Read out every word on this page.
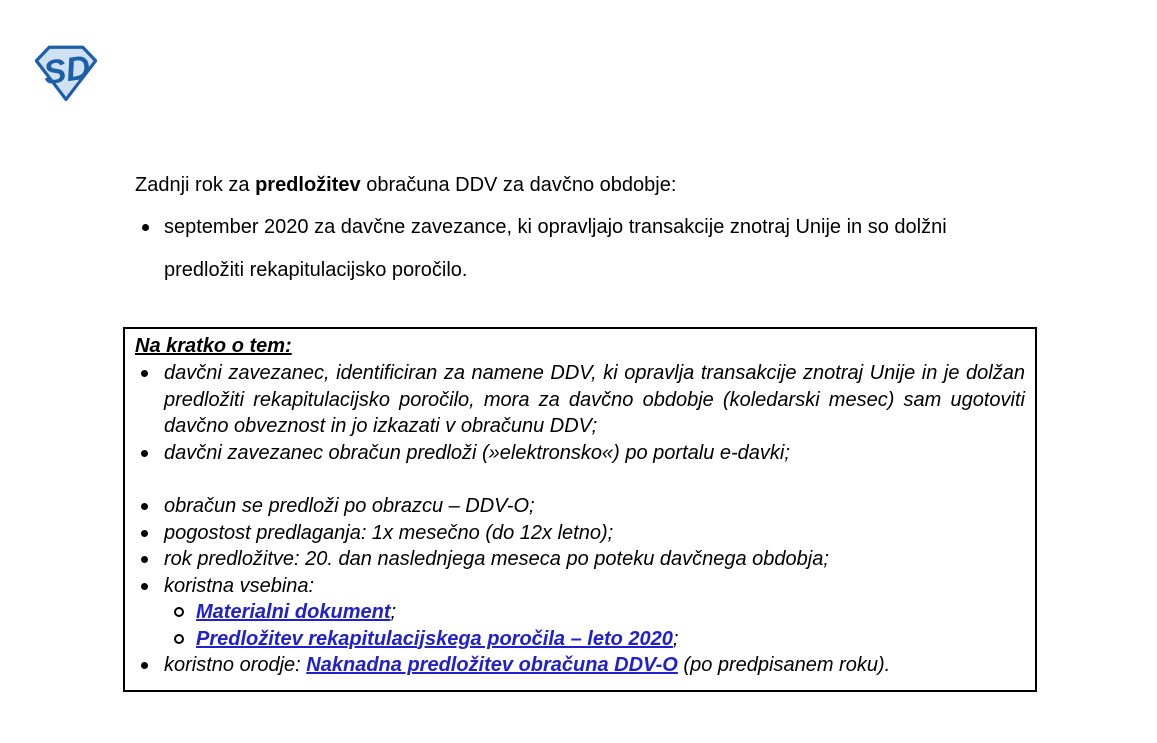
SD
Zadnji rok za predložitev obračuna DDV za davčno obdobje:
september 2020 za davčne zavezance, ki opravljajo transakcije znotraj Unije in so dolžni predložiti rekapitulacijsko poročilo.
Na kratko o tem:
davčni zavezanec, identificiran za namene DDV, ki opravlja transakcije znotraj Unije in je dolžan predložiti rekapitulacijsko poročilo, mora za davčno obdobje (koledarski mesec) sam ugotoviti davčno obveznost in jo izkazati v obračunu DDV;
davčni zavezanec obračun predloži (»elektronsko«) po portalu e-davki;
obračun se predloži po obrazcu – DDV-O;
pogostost predlaganja: 1x mesečno (do 12x letno);
rok predložitve: 20. dan naslednjega meseca po poteku davčnega obdobja;
koristna vsebina:
Materialni dokument;
Predložitev rekapitulacijskega poročila – leto 2020;
koristno orodje: Naknadna predložitev obračuna DDV-O (po predpisanem roku).
